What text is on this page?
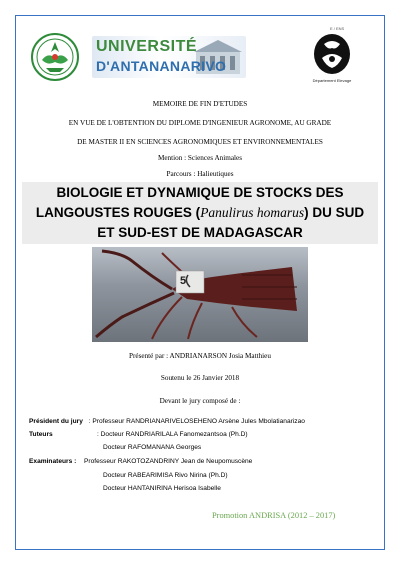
UNIVERSITÉ
D'ANTANANARIVO
E / ENS
Département Elevage
MEMOIRE DE FIN D'ETUDES
EN VUE DE L'OBTENTION DU DIPLOME D'INGENIEUR AGRONOME, AU GRADE
DE MASTER II EN SCIENCES AGRONOMIQUES ET ENVIRONNEMENTALES
Mention : Sciences Animales
Parcours : Halieutiques
BIOLOGIE ET DYNAMIQUE DE STOCKS DES
LANGOUSTES ROUGES (Panulirus homarus) DU SUD
ET SUD-EST DE MADAGASCAR
5
Présenté par : ANDRIANARSON Josia Matthieu
Soutenu le 26 Janvier 2018
Devant le jury composé de :
Président du jury : Professeur RANDRIANARIVELOSEHENO Arsène Jules Mbolatianarizao
Tuteurs	: Docteur RANDRIARILALA Fanomezantsoa (Ph.D)
Docteur RAFOMANANA Georges
Examinateurs : Professeur RAKOTOZANDRINY Jean de Neupomuscène
Docteur RABEARIMISA Rivo Nirina (Ph.D)
Docteur HANTANIRINA Herisoa Isabelle
Promotion ANDRISA (2012 – 2017)
